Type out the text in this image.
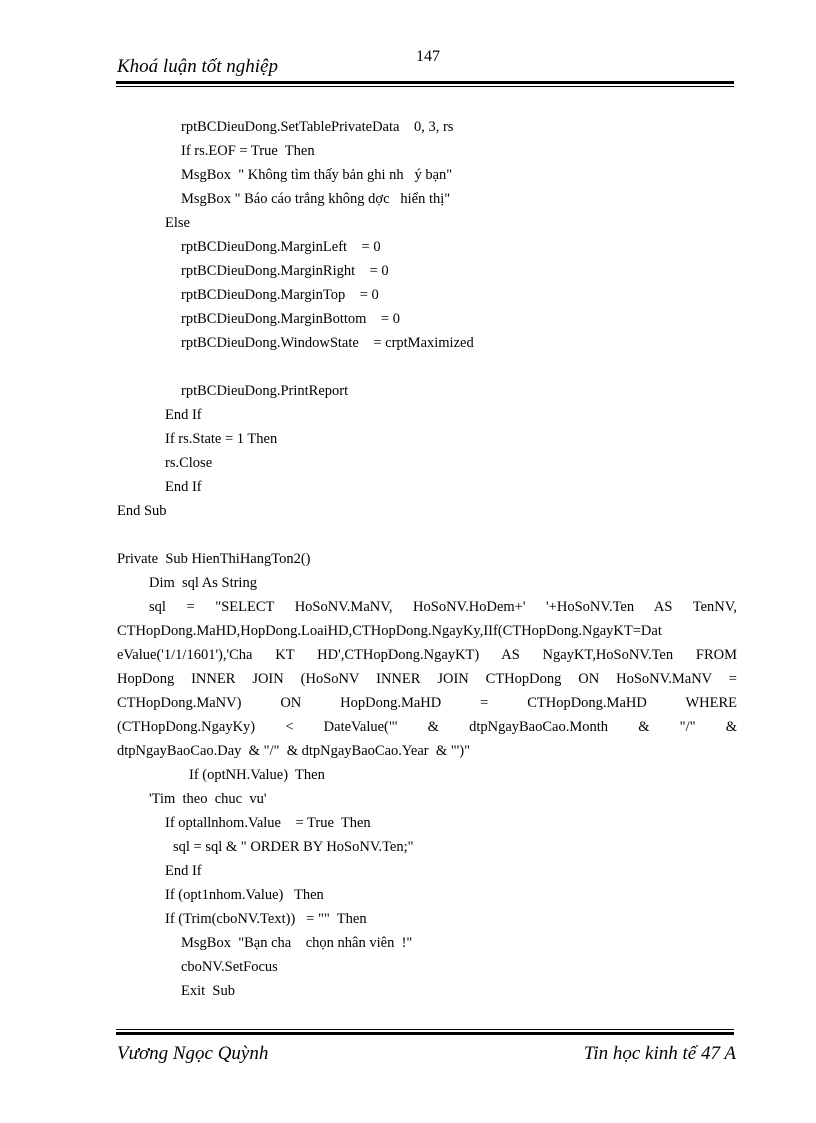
147
Khoá luận tốt nghiệp
rptBCDieuDong.SetTablePrivateData    0, 3, rs
If rs.EOF = True  Then
MsgBox  " Không tìm thấy bản ghi nh   ý bạn"
MsgBox " Báo cáo trắng không dợc   hiển thị"
Else
rptBCDieuDong.MarginLeft    = 0
rptBCDieuDong.MarginRight    = 0
rptBCDieuDong.MarginTop    = 0
rptBCDieuDong.MarginBottom    = 0
rptBCDieuDong.WindowState    = crptMaximized
rptBCDieuDong.PrintReport
End If
If rs.State = 1 Then
rs.Close
End If
End Sub
Private  Sub HienThiHangTon2()
Dim  sql As String
sql = "SELECT HoSoNV.MaNV, HoSoNV.HoDem+' '+HoSoNV.Ten AS TenNV,
CTHopDong.MaHD,HopDong.LoaiHD,CTHopDong.NgayKy,IIf(CTHopDong.NgayKT=Dat
eValue('1/1/1601'),'Cha KT HD',CTHopDong.NgayKT) AS NgayKT,HoSoNV.Ten FROM
HopDong INNER JOIN (HoSoNV INNER JOIN CTHopDong ON HoSoNV.MaNV =
CTHopDong.MaNV) ON HopDong.MaHD = CTHopDong.MaHD WHERE
(CTHopDong.NgayKy) < DateValue("' & dtpNgayBaoCao.Month & "/" &
dtpNgayBaoCao.Day  & "/"  & dtpNgayBaoCao.Year  & "')"
If (optNH.Value)  Then
'Tim  theo  chuc  vu'
If optallnhom.Value    = True  Then
sql = sql & " ORDER BY HoSoNV.Ten;"
End If
If (opt1nhom.Value)   Then
If (Trim(cboNV.Text))   = ""  Then
MsgBox  "Bạn cha    chọn nhân viên  !"
cboNV.SetFocus
Exit  Sub
Vương Ngọc Quỳnh	Tin học kinh tế 47 A
